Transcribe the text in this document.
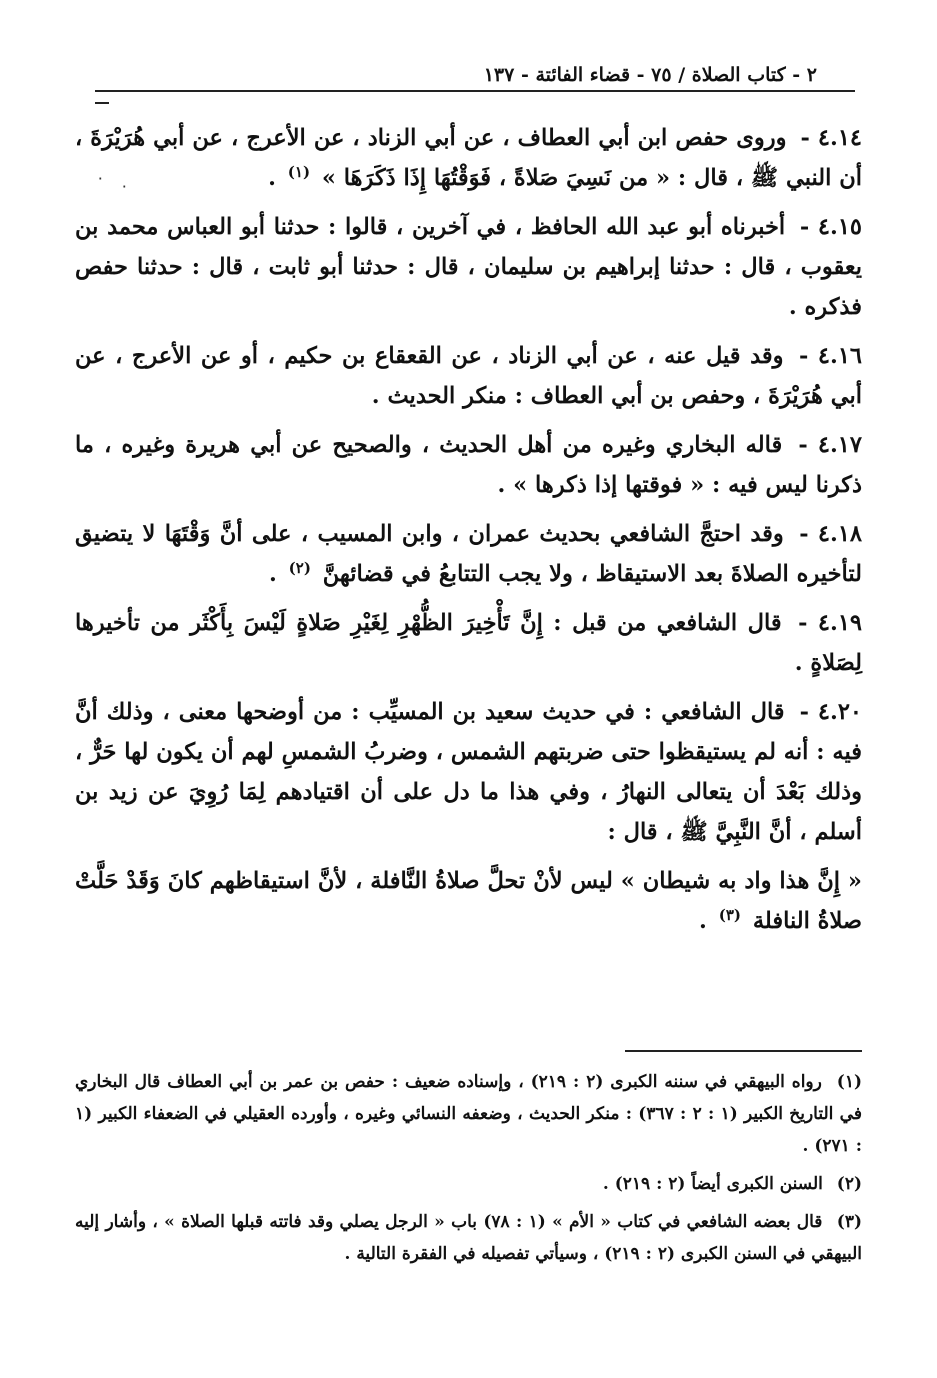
٢ - كتاب الصلاة / ٧٥ - قضاء الفائتة - ١٣٧
٠ ٠

٤.١٤ - وروى حفص ابن أبي العطاف ، عن أبي الزناد ، عن الأعرج ، عن أبي هُرَيْرَةَ ، أن النبي ﷺ ، قال : « من نَسِيَ صَلاةً ، فَوَقْتُهَا إِذَا ذَكَرَهَا » $^{(١)}$ .

٤.١٥ - أخبرناه أبو عبد الله الحافظ ، في آخرين ، قالوا : حدثنا أبو العباس محمد بن يعقوب ، قال : حدثنا إبراهيم بن سليمان ، قال : حدثنا أبو ثابت ، قال : حدثنا حفص فذكره .

٤.١٦ - وقد قيل عنه ، عن أبي الزناد ، عن القعقاع بن حكيم ، أو عن الأعرج ، عن أبي هُرَيْرَةَ ، وحفص بن أبي العطاف : منكر الحديث .

٤.١٧ - قاله البخاري وغيره من أهل الحديث ، والصحيح عن أبي هريرة وغيره ، ما ذكرنا ليس فيه : « فوقتها إذا ذكرها » .

٤.١٨ - وقد احتجَّ الشافعي بحديث عمران ، وابن المسيب ، على أنَّ وَقْتَهَا لا يتضيق لتأخيره الصلاةَ بعد الاستيقاظ ، ولا يجب التتابعُ في قضائهنَّ $^{(٢)}$ .

٤.١٩ - قال الشافعي من قبل : إِنَّ تَأْخِيرَ الظُّهْرِ لِغَيْرِ صَلاةٍ لَيْسَ بِأَكْثَر من تأخيرها لِصَلاةٍ .

٤.٢٠ - قال الشافعي : في حديث سعيد بن المسيِّب : من أوضحها معنى ، وذلك أنَّ فيه : أنه لم يستيقظوا حتى ضربتهم الشمس ، وضربُ الشمسِ لهم أن يكون لها حَرٌّ ، وذلك بَعْدَ أن يتعالى النهارُ ، وفي هذا ما دل على أن اقتيادهم لِمَا رُوِيَ عن زيد بن أسلم ، أنَّ النَّبِيَّ ﷺ ، قال :

« إِنَّ هذا واد به شيطان » ليس لأنْ تحلَّ صلاةُ النَّافلة ، لأنَّ استيقاظهم كانَ وَقَدْ حَلَّتْ صلاةُ النافلة $^{(٣)}$ .

(١) رواه البيهقي في سننه الكبرى (٢ : ٢١٩) ، وإسناده ضعيف : حفص بن عمر بن أبي العطاف قال البخاري في التاريخ الكبير (١ : ٢ : ٣٦٧) : منكر الحديث ، وضعفه النسائي وغيره ، وأورده العقيلي في الضعفاء الكبير (١ : ٢٧١) .

(٢) السنن الكبرى أيضاً (٢ : ٢١٩) .

(٣) قال بعضه الشافعي في كتاب « الأم » (١ : ٧٨) باب « الرجل يصلي وقد فاتته قبلها الصلاة » ، وأشار إليه البيهقي في السنن الكبرى (٢ : ٢١٩) ، وسيأتي تفصيله في الفقرة التالية .
